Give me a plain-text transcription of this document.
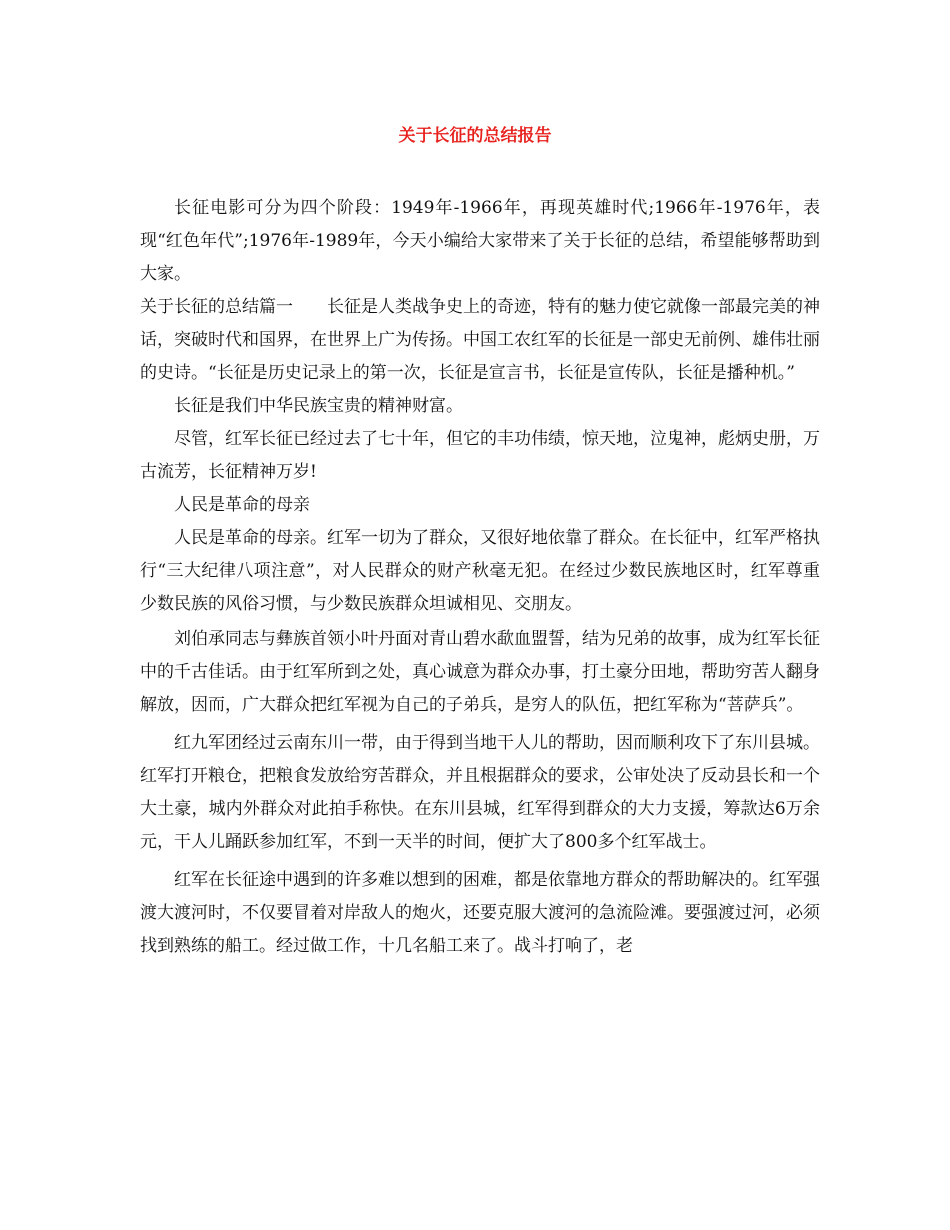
关于长征的总结报告

长征电影可分为四个阶段：1949年-1966年，再现英雄时代;1966年-1976年，表现“红色年代”;1976年-1989年，今天小编给大家带来了关于长征的总结，希望能够帮助到大家。

关于长征的总结篇一　　长征是人类战争史上的奇迹，特有的魅力使它就像一部最完美的神话，突破时代和国界，在世界上广为传扬。中国工农红军的长征是一部史无前例、雄伟壮丽的史诗。“长征是历史记录上的第一次，长征是宣言书，长征是宣传队，长征是播种机。”

长征是我们中华民族宝贵的精神财富。

尽管，红军长征已经过去了七十年，但它的丰功伟绩，惊天地，泣鬼神，彪炳史册，万古流芳，长征精神万岁!

人民是革命的母亲

人民是革命的母亲。红军一切为了群众，又很好地依靠了群众。在长征中，红军严格执行“三大纪律八项注意”，对人民群众的财产秋毫无犯。在经过少数民族地区时，红军尊重少数民族的风俗习惯，与少数民族群众坦诚相见、交朋友。

刘伯承同志与彝族首领小叶丹面对青山碧水歃血盟誓，结为兄弟的故事，成为红军长征中的千古佳话。由于红军所到之处，真心诚意为群众办事，打土豪分田地，帮助穷苦人翻身解放，因而，广大群众把红军视为自己的子弟兵，是穷人的队伍，把红军称为“菩萨兵”。

红九军团经过云南东川一带，由于得到当地干人儿的帮助，因而顺利攻下了东川县城。红军打开粮仓，把粮食发放给穷苦群众，并且根据群众的要求，公审处决了反动县长和一个大土豪，城内外群众对此拍手称快。在东川县城，红军得到群众的大力支援，筹款达6万余元，干人儿踊跃参加红军，不到一天半的时间，便扩大了800多个红军战士。

红军在长征途中遇到的许多难以想到的困难，都是依靠地方群众的帮助解决的。红军强渡大渡河时，不仅要冒着对岸敌人的炮火，还要克服大渡河的急流险滩。要强渡过河，必须找到熟练的船工。经过做工作，十几名船工来了。战斗打响了，老
